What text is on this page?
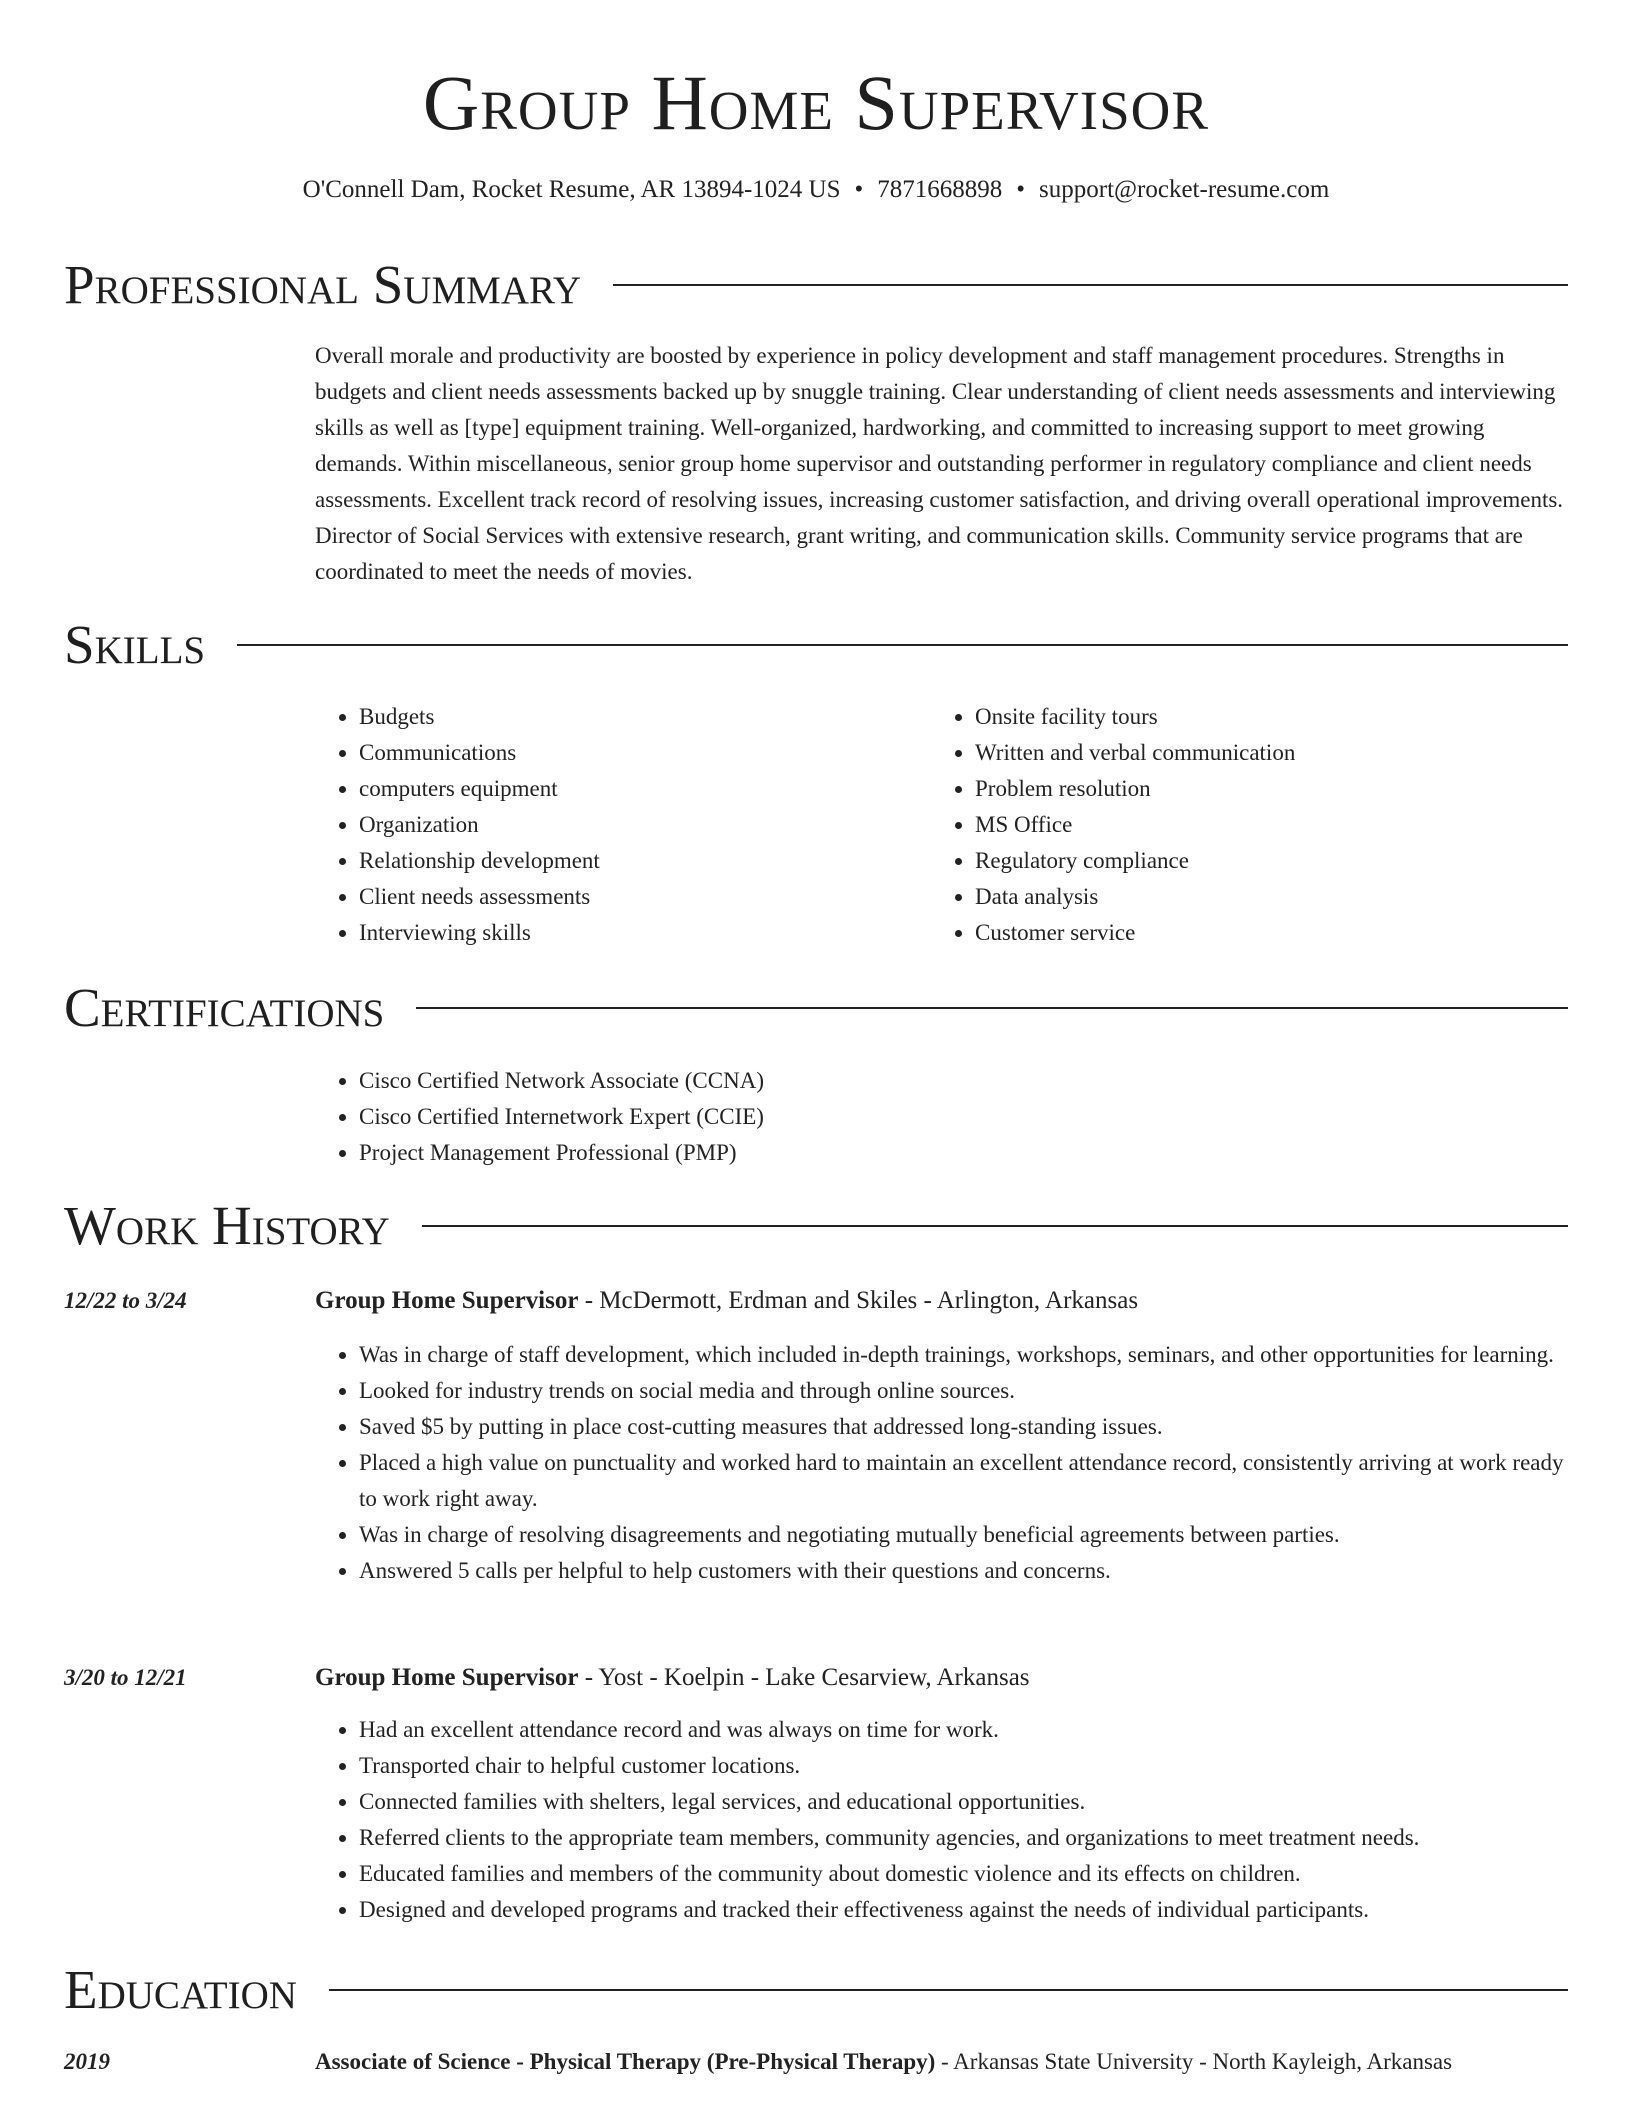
Group Home Supervisor
O'Connell Dam, Rocket Resume, AR 13894-1024 US • 7871668898 • support@rocket-resume.com
Professional Summary
Overall morale and productivity are boosted by experience in policy development and staff management procedures. Strengths in budgets and client needs assessments backed up by snuggle training. Clear understanding of client needs assessments and interviewing skills as well as [type] equipment training. Well-organized, hardworking, and committed to increasing support to meet growing demands. Within miscellaneous, senior group home supervisor and outstanding performer in regulatory compliance and client needs assessments. Excellent track record of resolving issues, increasing customer satisfaction, and driving overall operational improvements. Director of Social Services with extensive research, grant writing, and communication skills. Community service programs that are coordinated to meet the needs of movies.
Skills
• Budgets
• Communications
• computers equipment
• Organization
• Relationship development
• Client needs assessments
• Interviewing skills
• Onsite facility tours
• Written and verbal communication
• Problem resolution
• MS Office
• Regulatory compliance
• Data analysis
• Customer service
Certifications
• Cisco Certified Network Associate (CCNA)
• Cisco Certified Internetwork Expert (CCIE)
• Project Management Professional (PMP)
Work History
12/22 to 3/24	Group Home Supervisor - McDermott, Erdman and Skiles - Arlington, Arkansas
• Was in charge of staff development, which included in-depth trainings, workshops, seminars, and other opportunities for learning.
• Looked for industry trends on social media and through online sources.
• Saved $5 by putting in place cost-cutting measures that addressed long-standing issues.
• Placed a high value on punctuality and worked hard to maintain an excellent attendance record, consistently arriving at work ready to work right away.
• Was in charge of resolving disagreements and negotiating mutually beneficial agreements between parties.
• Answered 5 calls per helpful to help customers with their questions and concerns.
3/20 to 12/21	Group Home Supervisor - Yost - Koelpin - Lake Cesarview, Arkansas
• Had an excellent attendance record and was always on time for work.
• Transported chair to helpful customer locations.
• Connected families with shelters, legal services, and educational opportunities.
• Referred clients to the appropriate team members, community agencies, and organizations to meet treatment needs.
• Educated families and members of the community about domestic violence and its effects on children.
• Designed and developed programs and tracked their effectiveness against the needs of individual participants.
Education
2019	Associate of Science - Physical Therapy (Pre-Physical Therapy) - Arkansas State University - North Kayleigh, Arkansas
